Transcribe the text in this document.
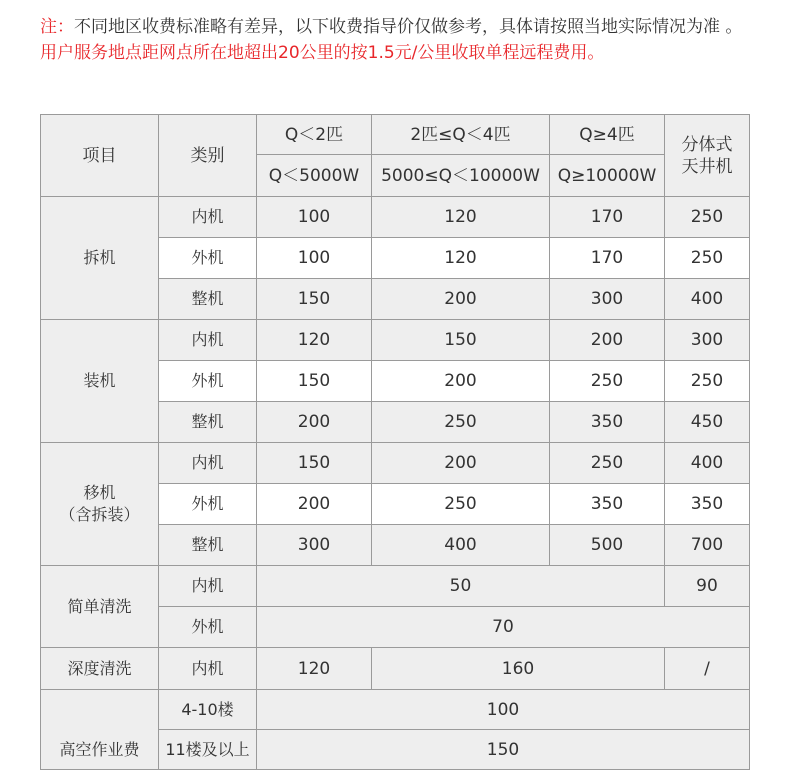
注：不同地区收费标准略有差异，以下收费指导价仅做参考，具体请按照当地实际情况为准 。
用户服务地点距网点所在地超出20公里的按1.5元/公里收取单程远程费用。
项目	类别	Q＜2匹	2匹≤Q＜4匹	Q≥4匹	分体式
天井机

		Q＜5000W	5000≤Q＜10000W	Q≥10000W	
拆机	内机	100	120	170	250
	外机	100	120	170	250
	整机	150	200	300	400
装机	内机	120	150	200	300
	外机	150	200	250	250
	整机	200	250	350	450

移机
（含拆装）	内机	150	200	250	400
	外机	200	250	350	350
	整机	300	400	500	700
简单清洗	内机	50			90
	外机	70			
深度清洗	内机	120	160		/
高空作业费	4-10楼	100			
	11楼及以上	150			
